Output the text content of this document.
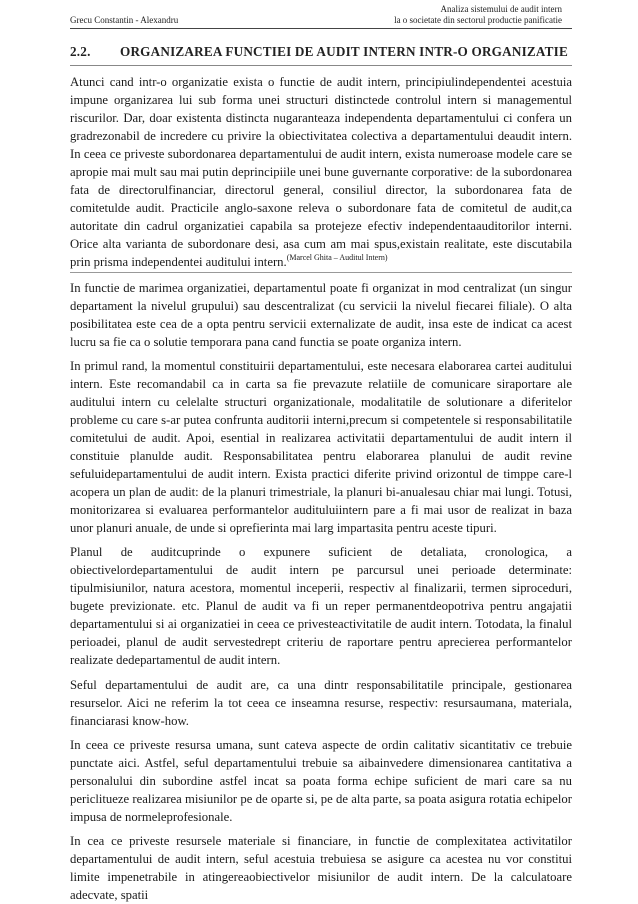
Analiza sistemului de audit intern
la o societate din sectorul productie panificatie
Grecu Constantin - Alexandru
2.2. ORGANIZAREA FUNCTIEI DE AUDIT INTERN INTR-O ORGANIZATIE

Atunci cand intr-o organizatie exista o functie de audit intern, principiulindependentei acestuia impune organizarea lui sub forma unei structuri distinctede controlul intern si managementul riscurilor. Dar, doar existenta distincta nugaranteaza independenta departamentului ci confera un gradrezonabil de incredere cu privire la obiectivitatea colectiva a departamentului deaudit intern. In ceea ce priveste subordonarea departamentului de audit intern, exista numeroase modele care se apropie mai mult sau mai putin deprincipiile unei bune guvernante corporative: de la subordonarea fata de directorulfinanciar, directorul general, consiliul director, la subordonarea fata de comitetulde audit. Practicile anglo-saxone releva o subordonare fata de comitetul de audit,ca autoritate din cadrul organizatiei capabila sa protejeze efectiv independentaauditorilor interni. Orice alta varianta de subordonare desi, asa cum am mai spus,existain realitate, este discutabila prin prisma independentei auditului intern.$^{(Marcel Ghita - Auditul Intern)}$

In functie de marimea organizatiei, departamentul poate fi organizat in mod centralizat (un singur departament la nivelul grupului) sau descentralizat (cu servicii la nivelul fiecarei filiale). O alta posibilitatea este cea de a opta pentru servicii externalizate de audit, insa este de indicat ca acest lucru sa fie ca o solutie temporara pana cand functia se poate organiza intern.

In primul rand, la momentul constituirii departamentului, este necesara elaborarea cartei auditului intern. Este recomandabil ca in carta sa fie prevazute relatiile de comunicare siraportare ale auditului intern cu celelalte structuri organizationale, modalitatile de solutionare a diferitelor probleme cu care s-ar putea confrunta auditorii interni,precum si competentele si responsabilitatile comitetului de audit. Apoi, esential in realizarea activitatii departamentului de audit intern il constituie planulde audit. Responsabilitatea pentru elaborarea planului de audit revine sefuluidepartamentului de audit intern. Exista practici diferite privind orizontul de timppe care-l acopera un plan de audit: de la planuri trimestriale, la planuri bi-anualesau chiar mai lungi. Totusi, monitorizarea si evaluarea performantelor audituluiintern pare a fi mai usor de realizat in baza unor planuri anuale, de unde si oprefierinta mai larg impartasita pentru aceste tipuri.

Planul de auditcuprinde o expunere suficient de detaliata, cronologica, a obiectivelordepartamentului de audit intern pe parcursul unei perioade determinate: tipulmisiunilor, natura acestora, momentul inceperii, respectiv al finalizarii, termen siproceduri, bugete previzionate. etc. Planul de audit va fi un reper permanentdeopotriva pentru angajatii departamentului si ai organizatiei in ceea ce privesteactivitatile de audit intern. Totodata, la finalul perioadei, planul de audit servestedrept criteriu de raportare pentru aprecierea performantelor realizate dedepartamentul de audit intern.

Seful departamentului de audit are, ca una dintr responsabilitatile principale, gestionarea resurselor. Aici ne referim la tot ceea ce inseamna resurse, respectiv: resursaumana, materiala, financiarasi know-how.

In ceea ce priveste resursa umana, sunt cateva aspecte de ordin calitativ sicantitativ ce trebuie punctate aici. Astfel, seful departamentului trebuie sa aibainvedere dimensionarea cantitativa a personalului din subordine astfel incat sa poata forma echipe suficient de mari care sa nu periclitueze realizarea misiunilor pe de oparte si, pe de alta parte, sa poata asigura rotatia echipelor impusa de normeleprofesionale.

In cea ce priveste resursele materiale si financiare, in functie de complexitatea activitatilor departamentului de audit intern, seful acestuia trebuiesa se asigure ca acestea nu vor constitui limite impenetrabile in atingereaobiectivelor misiunilor de audit intern. De la calculatoare adecvate, spatii
